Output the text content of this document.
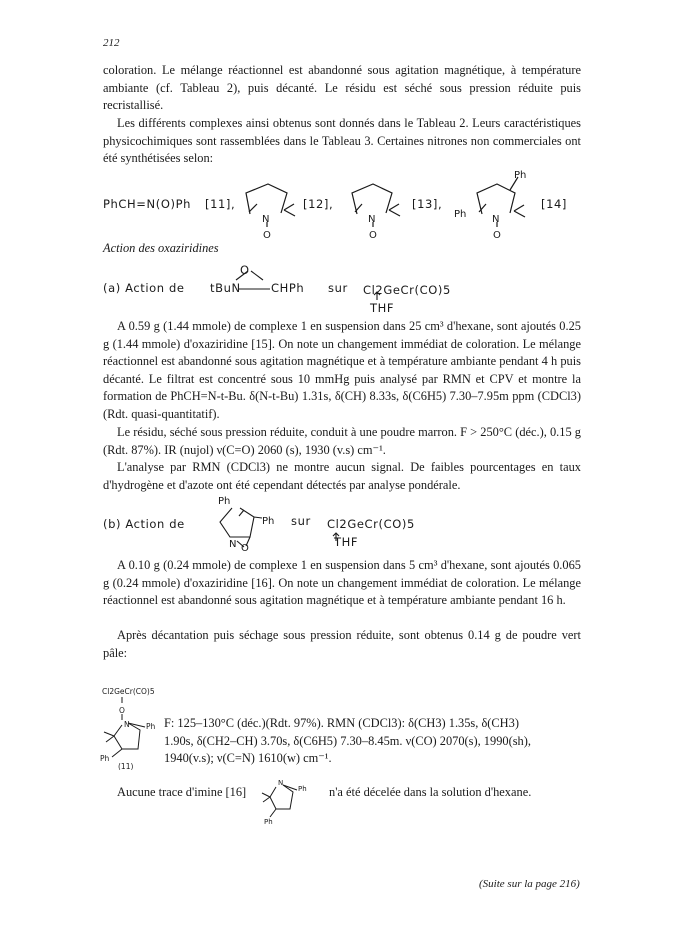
212

coloration. Le mélange réactionnel est abandonné sous agitation magnétique, à température ambiante (cf. Tableau 2), puis décanté. Le résidu est séché sous pression réduite puis recristallisé.

Les différents complexes ainsi obtenus sont donnés dans le Tableau 2. Leurs caractéristiques physicochimiques sont rassemblées dans le Tableau 3. Certaines nitrones non commerciales ont été synthétisées selon:

PhCH=N(O)Ph [11],	[12],	[13],	[14]
N
O
N
O
N
O
Ph
Ph
Action des oxaziridines
(a) Action de tBuN	CHPh
O
sur Cl2GeCr(CO)5
THF

A 0.59 g (1.44 mmole) de complexe 1 en suspension dans 25 cm³ d'hexane, sont ajoutés 0.25 g (1.44 mmole) d'oxaziridine [15]. On note un changement immédiat de coloration. Le mélange réactionnel est abandonné sous agitation magnétique et à température ambiante pendant 4 h puis décanté. Le filtrat est concentré sous 10 mmHg puis analysé par RMN et CPV et montre la formation de PhCH=N-t-Bu. δ(N-t-Bu) 1.31s, δ(CH) 8.33s, δ(C6H5) 7.30–7.95m ppm (CDCl3) (Rdt. quasi-quantitatif).

Le résidu, séché sous pression réduite, conduit à une poudre marron. F > 250°C (déc.), 0.15 g (Rdt. 87%). IR (nujol) ν(C=O) 2060 (s), 1930 (v.s) cm⁻¹.

L'analyse par RMN (CDCl3) ne montre aucun signal. De faibles pourcentages en taux d'hydrogène et d'azote ont été cependant détectés par analyse pondérale.

(b) Action de	sur Cl2GeCr(CO)5
THF
Ph
Ph
N O

A 0.10 g (0.24 mmole) de complexe 1 en suspension dans 5 cm³ d'hexane, sont ajoutés 0.065 g (0.24 mmole) d'oxaziridine [16]. On note un changement immédiat de coloration. Le mélange réactionnel est abandonné sous agitation magnétique et à température ambiante pendant 16 h.

Après décantation puis séchage sous pression réduite, sont obtenus 0.14 g de poudre vert pâle:

Cl2GeCr(CO)5
O
N Ph
Ph
(11)
F: 125–130°C (déc.)(Rdt. 97%). RMN (CDCl3): δ(CH3) 1.35s, δ(CH3)
1.90s, δ(CH2–CH) 3.70s, δ(C6H5) 7.30–8.45m. ν(CO) 2070(s), 1990(sh),
1940(v.s); ν(C=N) 1610(w) cm⁻¹.
Aucune trace d'imine [16]
N
Ph
Ph
n'a été décelée dans la solution d'hexane.
(Suite sur la page 216)
